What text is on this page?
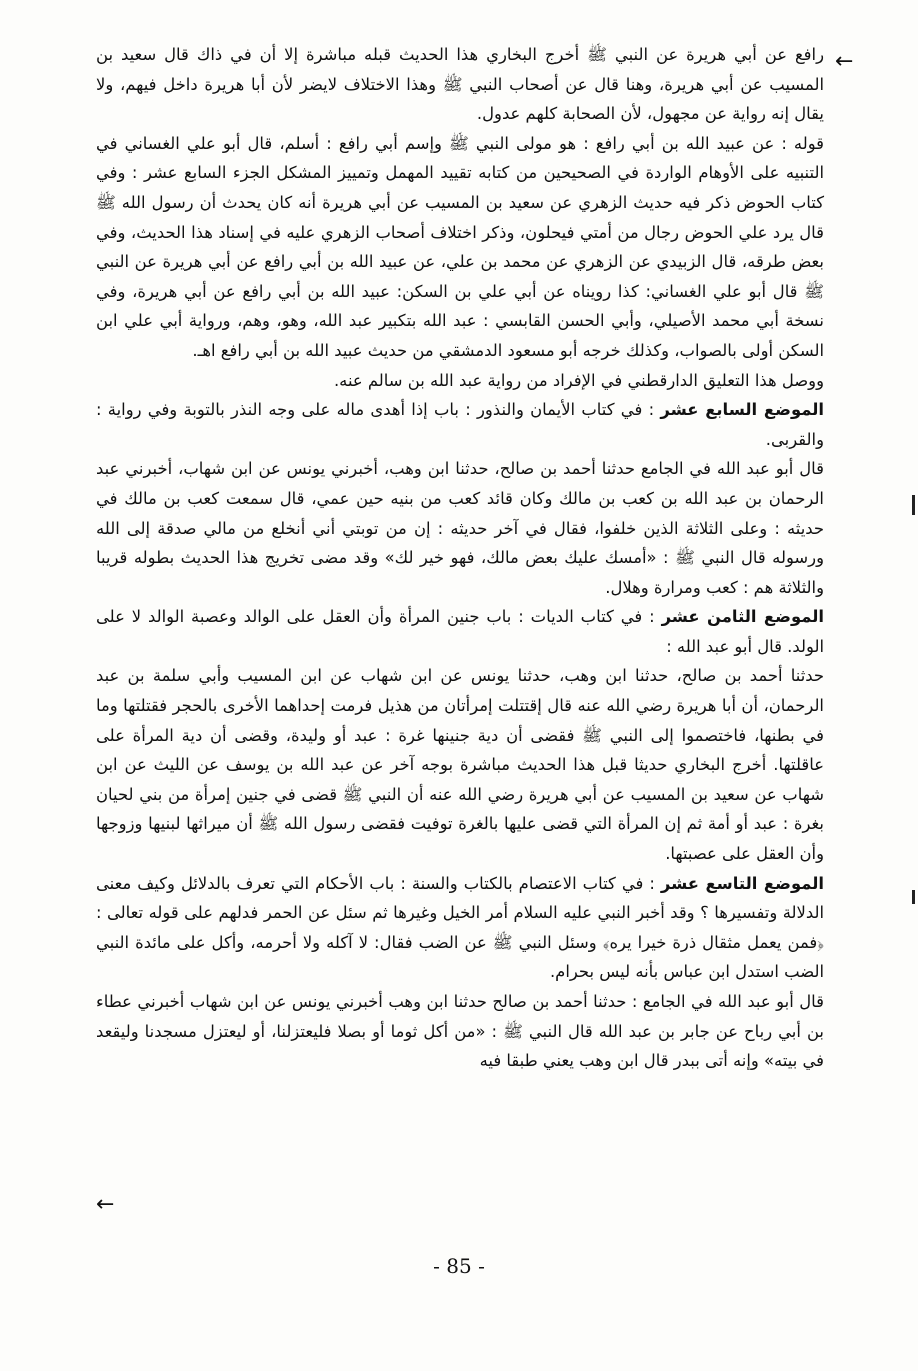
←

رافع عن أبي هريرة عن النبي ﷺ أخرج البخاري هذا الحديث قبله مباشرة إلا أن في ذاك قال سعيد بن المسيب عن أبي هريرة، وهنا قال عن أصحاب النبي ﷺ وهذا الاختلاف لايضر لأن أبا هريرة داخل فيهم، ولا يقال إنه رواية عن مجهول، لأن الصحابة كلهم عدول.

قوله : عن عبيد الله بن أبي رافع : هو مولى النبي ﷺ وإسم أبي رافع : أسلم، قال أبو علي الغساني في التنبيه على الأوهام الواردة في الصحيحين من كتابه تقييد المهمل وتمييز المشكل الجزء السابع عشر : وفي كتاب الحوض ذكر فيه حديث الزهري عن سعيد بن المسيب عن أبي هريرة أنه كان يحدث أن رسول الله ﷺ قال يرد علي الحوض رجال من أمتي فيحلون، وذكر اختلاف أصحاب الزهري عليه في إسناد هذا الحديث، وفي بعض طرقه، قال الزبيدي عن الزهري عن محمد بن علي، عن عبيد الله بن أبي رافع عن أبي هريرة عن النبي ﷺ قال أبو علي الغساني: كذا رويناه عن أبي علي بن السكن: عبيد الله بن أبي رافع عن أبي هريرة، وفي نسخة أبي محمد الأصيلي، وأبي الحسن القابسي : عبد الله بتكبير عبد الله، وهو، وهم، ورواية أبي علي ابن السكن أولى بالصواب، وكذلك خرجه أبو مسعود الدمشقي من حديث عبيد الله بن أبي رافع اهـ.

ووصل هذا التعليق الدارقطني في الإفراد من رواية عبد الله بن سالم عنه.

الموضع السابع عشر : في كتاب الأيمان والنذور : باب إذا أهدى ماله على وجه النذر بالتوبة وفي رواية : والقربى.

قال أبو عبد الله في الجامع حدثنا أحمد بن صالح، حدثنا ابن وهب، أخبرني يونس عن ابن شهاب، أخبرني عبد الرحمان بن عبد الله بن كعب بن مالك وكان قائد كعب من بنيه حين عمي، قال سمعت كعب بن مالك في حديثه : وعلى الثلاثة الذين خلفوا، فقال في آخر حديثه : إن من توبتي أني أنخلع من مالي صدقة إلى الله ورسوله قال النبي ﷺ : «أمسك عليك بعض مالك، فهو خير لك» وقد مضى تخريج هذا الحديث بطوله قريبا والثلاثة هم : كعب ومرارة وهلال.

الموضع الثامن عشر : في كتاب الديات : باب جنين المرأة وأن العقل على الوالد وعصبة الوالد لا على الولد. قال أبو عبد الله :

حدثنا أحمد بن صالح، حدثنا ابن وهب، حدثنا يونس عن ابن شهاب عن ابن المسيب وأبي سلمة بن عبد الرحمان، أن أبا هريرة رضي الله عنه قال إقتتلت إمرأتان من هذيل فرمت إحداهما الأخرى بالحجر فقتلتها وما في بطنها، فاختصموا إلى النبي ﷺ فقضى أن دية جنينها غرة : عبد أو وليدة، وقضى أن دية المرأة على عاقلتها. أخرج البخاري حديثا قبل هذا الحديث مباشرة بوجه آخر عن عبد الله بن يوسف عن الليث عن ابن شهاب عن سعيد بن المسيب عن أبي هريرة رضي الله عنه أن النبي ﷺ قضى في جنين إمرأة من بني لحيان بغرة : عبد أو أمة ثم إن المرأة التي قضى عليها بالغرة توفيت فقضى رسول الله ﷺ أن ميراثها لبنيها وزوجها وأن العقل على عصبتها.

الموضع التاسع عشر : في كتاب الاعتصام بالكتاب والسنة : باب الأحكام التي تعرف بالدلائل وكيف معنى الدلالة وتفسيرها ؟ وقد أخبر النبي عليه السلام أمر الخيل وغيرها ثم سئل عن الحمر فدلهم على قوله تعالى : ﴿فمن يعمل مثقال ذرة خيرا يره﴾ وسئل النبي ﷺ عن الضب فقال: لا آكله ولا أحرمه، وأكل على مائدة النبي الضب استدل ابن عباس بأنه ليس بحرام.

قال أبو عبد الله في الجامع : حدثنا أحمد بن صالح حدثنا ابن وهب أخبرني يونس عن ابن شهاب أخبرني عطاء بن أبي رباح عن جابر بن عبد الله قال النبي ﷺ : «من أكل ثوما أو بصلا فليعتزلنا، أو ليعتزل مسجدنا وليقعد في بيته» وإنه أتى ببدر قال ابن وهب يعني طبقا فيه

←
- 85 -
